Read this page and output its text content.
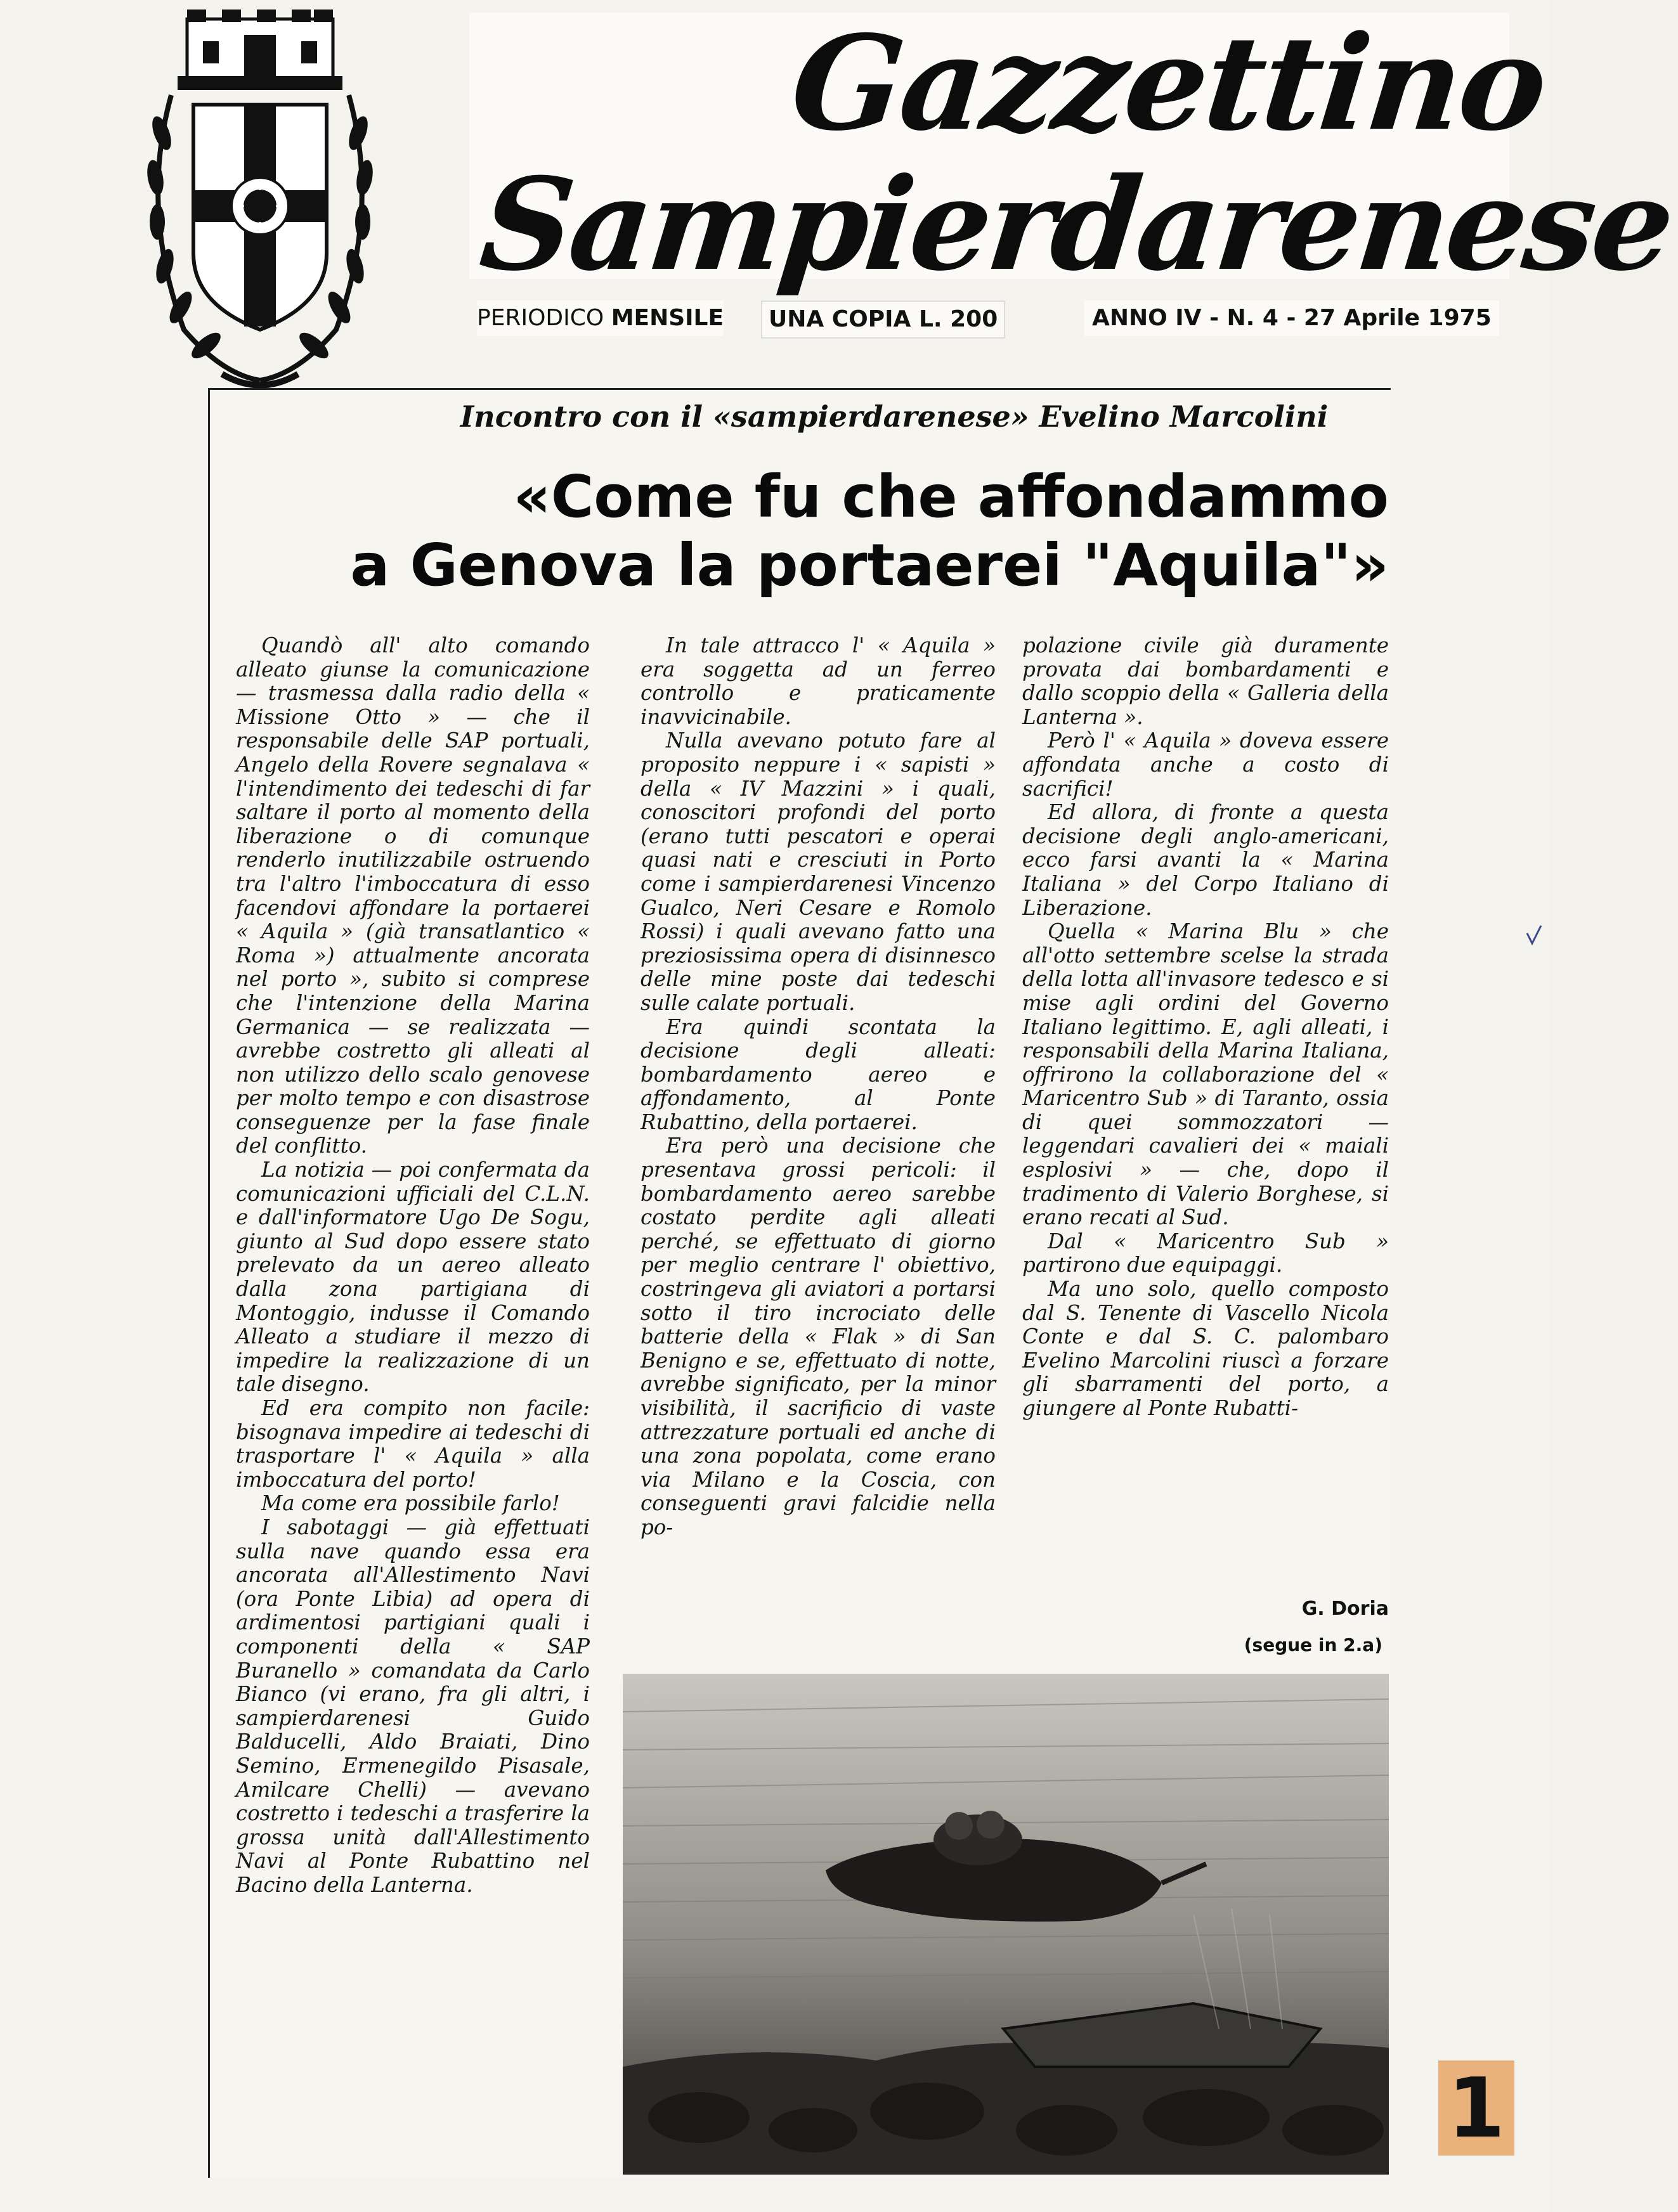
Gazzettino
Sampierdarenese
PERIODICO MENSILE	UNA COPIA L. 200	ANNO IV - N. 4 - 27 Aprile 1975
Incontro con il «sampierdarenese» Evelino Marcolini
«Come fu che affondammo
a Genova la portaerei "Aquila"»

Quandò all' alto comando alleato giunse la comunicazione — trasmessa dalla radio della « Missione Otto » — che il responsabile delle SAP portuali, Angelo della Rovere segnalava « l'intendimento dei tedeschi di far saltare il porto al momento della liberazione o di comunque renderlo inutilizzabile ostruendo tra l'altro l'imboccatura di esso facendovi affondare la portaerei « Aquila » (già transatlantico « Roma ») attualmente ancorata nel porto », subito si comprese che l'intenzione della Marina Germanica — se realizzata — avrebbe costretto gli alleati al non utilizzo dello scalo genovese per molto tempo e con disastrose conseguenze per la fase finale del conflitto.

La notizia — poi confermata da comunicazioni ufficiali del C.L.N. e dall'informatore Ugo De Sogu, giunto al Sud dopo essere stato prelevato da un aereo alleato dalla zona partigiana di Montoggio, indusse il Comando Alleato a studiare il mezzo di impedire la realizzazione di un tale disegno.

Ed era compito non facile: bisognava impedire ai tedeschi di trasportare l' « Aquila » alla imboccatura del porto!

Ma come era possibile farlo!

I sabotaggi — già effettuati sulla nave quando essa era ancorata all'Allestimento Navi (ora Ponte Libia) ad opera di ardimentosi partigiani quali i componenti della « SAP Buranello » comandata da Carlo Bianco (vi erano, fra gli altri, i sampierdarenesi Guido Balducelli, Aldo Braiati, Dino Semino, Ermenegildo Pisasale, Amilcare Chelli) — avevano costretto i tedeschi a trasferire la grossa unità dall'Allestimento Navi al Ponte Rubattino nel Bacino della Lanterna.

In tale attracco l' « Aquila » era soggetta ad un ferreo controllo e praticamente inavvicinabile.

Nulla avevano potuto fare al proposito neppure i « sapisti » della « IV Mazzini » i quali, conoscitori profondi del porto (erano tutti pescatori e operai quasi nati e cresciuti in Porto come i sampierdarenesi Vincenzo Gualco, Neri Cesare e Romolo Rossi) i quali avevano fatto una preziosissima opera di disinnesco delle mine poste dai tedeschi sulle calate portuali.

Era quindi scontata la decisione degli alleati: bombardamento aereo e affondamento, al Ponte Rubattino, della portaerei.

Era però una decisione che presentava grossi pericoli: il bombardamento aereo sarebbe costato perdite agli alleati perché, se effettuato di giorno per meglio centrare l' obiettivo, costringeva gli aviatori a portarsi sotto il tiro incrociato delle batterie della « Flak » di San Benigno e se, effettuato di notte, avrebbe significato, per la minor visibilità, il sacrificio di vaste attrezzature portuali ed anche di una zona popolata, come erano via Milano e la Coscia, con conseguenti gravi falcidie nella po-

polazione civile già duramente provata dai bombardamenti e dallo scoppio della « Galleria della Lanterna ».

Però l' « Aquila » doveva essere affondata anche a costo di sacrifici!

Ed allora, di fronte a questa decisione degli anglo-americani, ecco farsi avanti la « Marina Italiana » del Corpo Italiano di Liberazione.

Quella « Marina Blu » che all'otto settembre scelse la strada della lotta all'invasore tedesco e si mise agli ordini del Governo Italiano legittimo. E, agli alleati, i responsabili della Marina Italiana, offrirono la collaborazione del « Maricentro Sub » di Taranto, ossia di quei sommozzatori — leggendari cavalieri dei « maiali esplosivi » — che, dopo il tradimento di Valerio Borghese, si erano recati al Sud.

Dal « Maricentro Sub » partirono due equipaggi.

Ma uno solo, quello composto dal S. Tenente di Vascello Nicola Conte e dal S. C. palombaro Evelino Marcolini riuscì a forzare gli sbarramenti del porto, a giungere al Ponte Rubatti-

G. Doria
(segue in 2.a)
1
